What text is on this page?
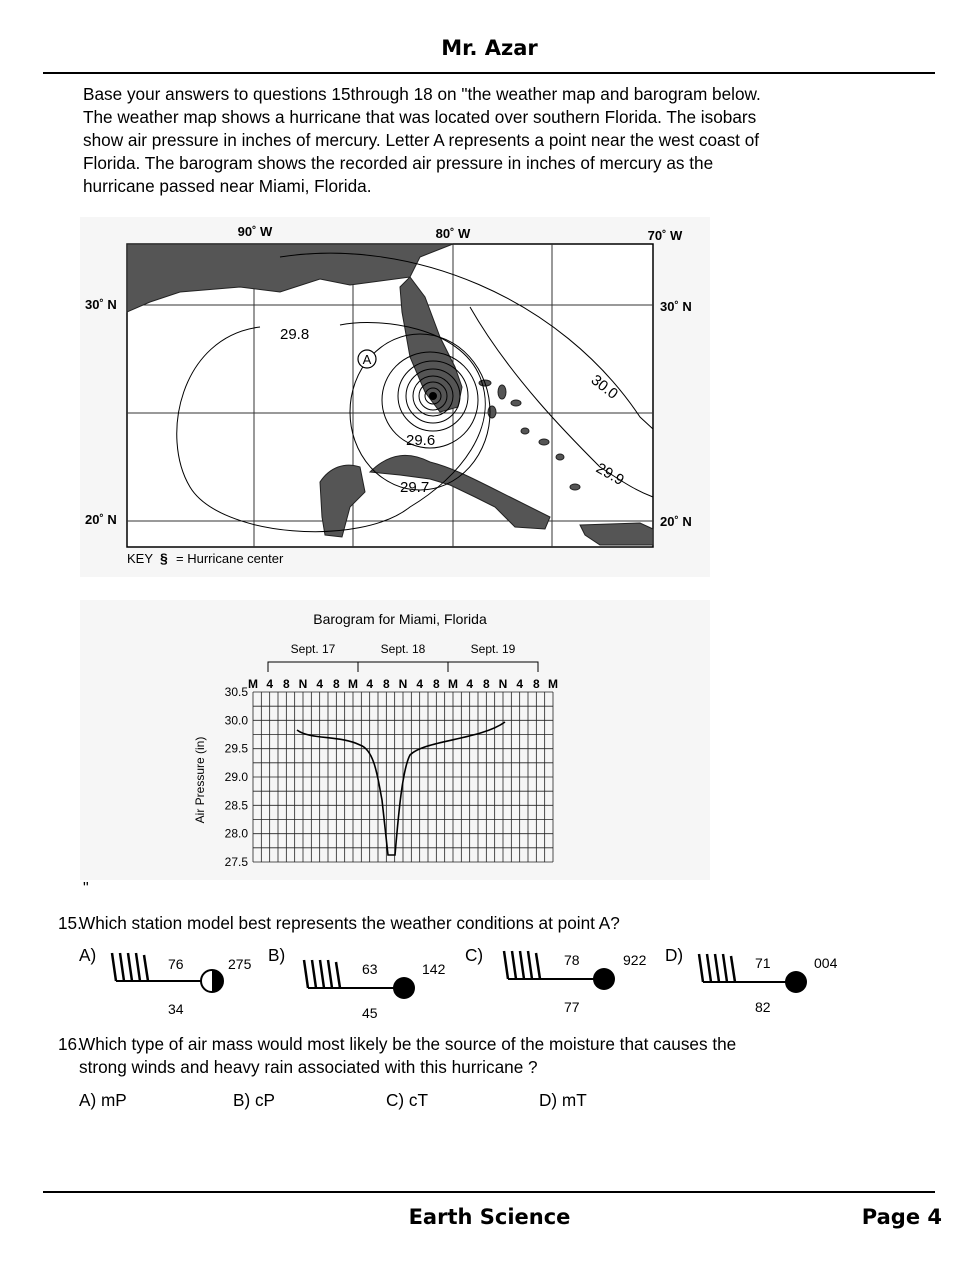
Mr. Azar
Base your answers to questions 15through 18 on "the weather map and barogram below.
The weather map shows a hurricane that was located over southern Florida. The isobars
show air pressure in inches of mercury. Letter A represents a point near the west coast of
Florida. The barogram shows the recorded air pressure in inches of mercury as the
hurricane passed near Miami, Florida.
A
90˚ W	80˚ W	70˚ W
30˚ N	30˚ N
20˚ N	20˚ N
29.8
29.6
29.7
30.0
29.9
KEY § = Hurricane center
Barogram for Miami, Florida
Sept. 17	Sept. 18	Sept. 19
M 4 8 N 4 8 M 4 8 N 4 8 M 4 8 N 4 8 M
Air Pressure (in)
30.5
30.0
29.5
29.0
28.5
28.0
27.5
"
15.
Which station model best represents the weather conditions at point A?
A)	76	275
34
B)
63	142
45
C)	78	922
77
D)	71	004
82
16.
Which type of air mass would most likely be the source of the moisture that causes the
strong winds and heavy rain associated with this hurricane ?
A) mP	B) cP	C) cT	D) mT
Earth Science	Page 4
